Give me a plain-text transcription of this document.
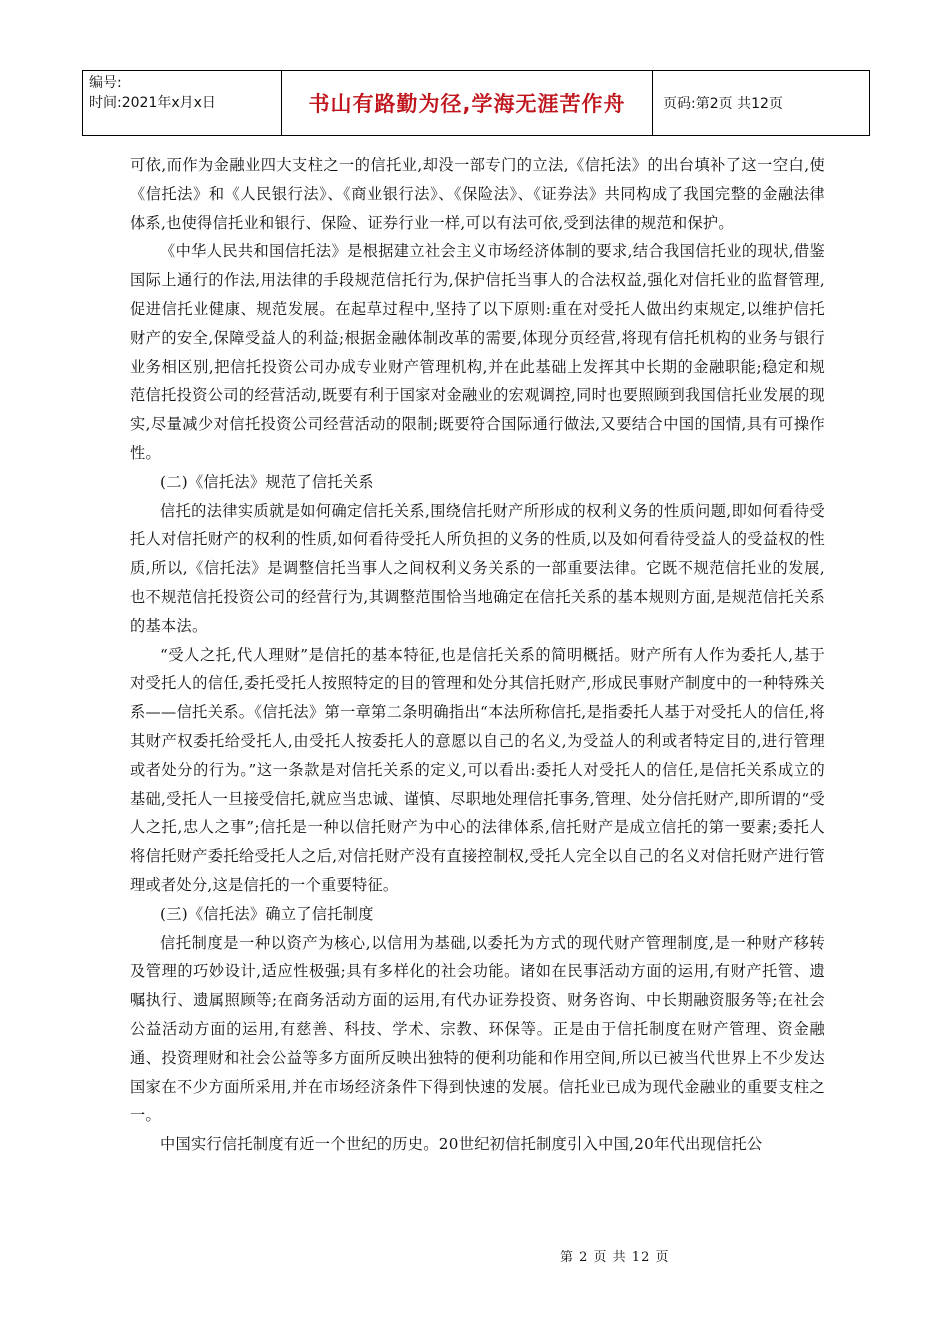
编号:
时间:2021年x月x日	书山有路勤为径,学海无涯苦作舟	页码:第2页 共12页

可依,而作为金融业四大支柱之一的信托业,却没一部专门的立法,《信托法》的出台填补了这一空白,使《信托法》和《人民银行法》、《商业银行法》、《保险法》、《证券法》共同构成了我国完整的金融法律体系,也使得信托业和银行、保险、证券行业一样,可以有法可依,受到法律的规范和保护。

《中华人民共和国信托法》是根据建立社会主义市场经济体制的要求,结合我国信托业的现状,借鉴国际上通行的作法,用法律的手段规范信托行为,保护信托当事人的合法权益,强化对信托业的监督管理,促进信托业健康、规范发展。在起草过程中,坚持了以下原则:重在对受托人做出约束规定,以维护信托财产的安全,保障受益人的利益;根据金融体制改革的需要,体现分页经营,将现有信托机构的业务与银行业务相区别,把信托投资公司办成专业财产管理机构,并在此基础上发挥其中长期的金融职能;稳定和规范信托投资公司的经营活动,既要有利于国家对金融业的宏观调控,同时也要照顾到我国信托业发展的现实,尽量减少对信托投资公司经营活动的限制;既要符合国际通行做法,又要结合中国的国情,具有可操作性。

(二)《信托法》规范了信托关系

信托的法律实质就是如何确定信托关系,围绕信托财产所形成的权利义务的性质问题,即如何看待受托人对信托财产的权利的性质,如何看待受托人所负担的义务的性质,以及如何看待受益人的受益权的性质,所以,《信托法》是调整信托当事人之间权利义务关系的一部重要法律。它既不规范信托业的发展,也不规范信托投资公司的经营行为,其调整范围恰当地确定在信托关系的基本规则方面,是规范信托关系的基本法。

“受人之托,代人理财”是信托的基本特征,也是信托关系的简明概括。财产所有人作为委托人,基于对受托人的信任,委托受托人按照特定的目的管理和处分其信托财产,形成民事财产制度中的一种特殊关系——信托关系。《信托法》第一章第二条明确指出“本法所称信托,是指委托人基于对受托人的信任,将其财产权委托给受托人,由受托人按委托人的意愿以自己的名义,为受益人的利或者特定目的,进行管理或者处分的行为。”这一条款是对信托关系的定义,可以看出:委托人对受托人的信任,是信托关系成立的基础,受托人一旦接受信托,就应当忠诚、谨慎、尽职地处理信托事务,管理、处分信托财产,即所谓的“受人之托,忠人之事”;信托是一种以信托财产为中心的法律体系,信托财产是成立信托的第一要素;委托人将信托财产委托给受托人之后,对信托财产没有直接控制权,受托人完全以自己的名义对信托财产进行管理或者处分,这是信托的一个重要特征。

(三)《信托法》确立了信托制度

信托制度是一种以资产为核心,以信用为基础,以委托为方式的现代财产管理制度,是一种财产移转及管理的巧妙设计,适应性极强;具有多样化的社会功能。诸如在民事活动方面的运用,有财产托管、遗嘱执行、遗属照顾等;在商务活动方面的运用,有代办证券投资、财务咨询、中长期融资服务等;在社会公益活动方面的运用,有慈善、科技、学术、宗教、环保等。正是由于信托制度在财产管理、资金融通、投资理财和社会公益等多方面所反映出独特的便利功能和作用空间,所以已被当代世界上不少发达国家在不少方面所采用,并在市场经济条件下得到快速的发展。信托业已成为现代金融业的重要支柱之一。

中国实行信托制度有近一个世纪的历史。20世纪初信托制度引入中国,20年代出现信托公

第 2 页 共 12 页
